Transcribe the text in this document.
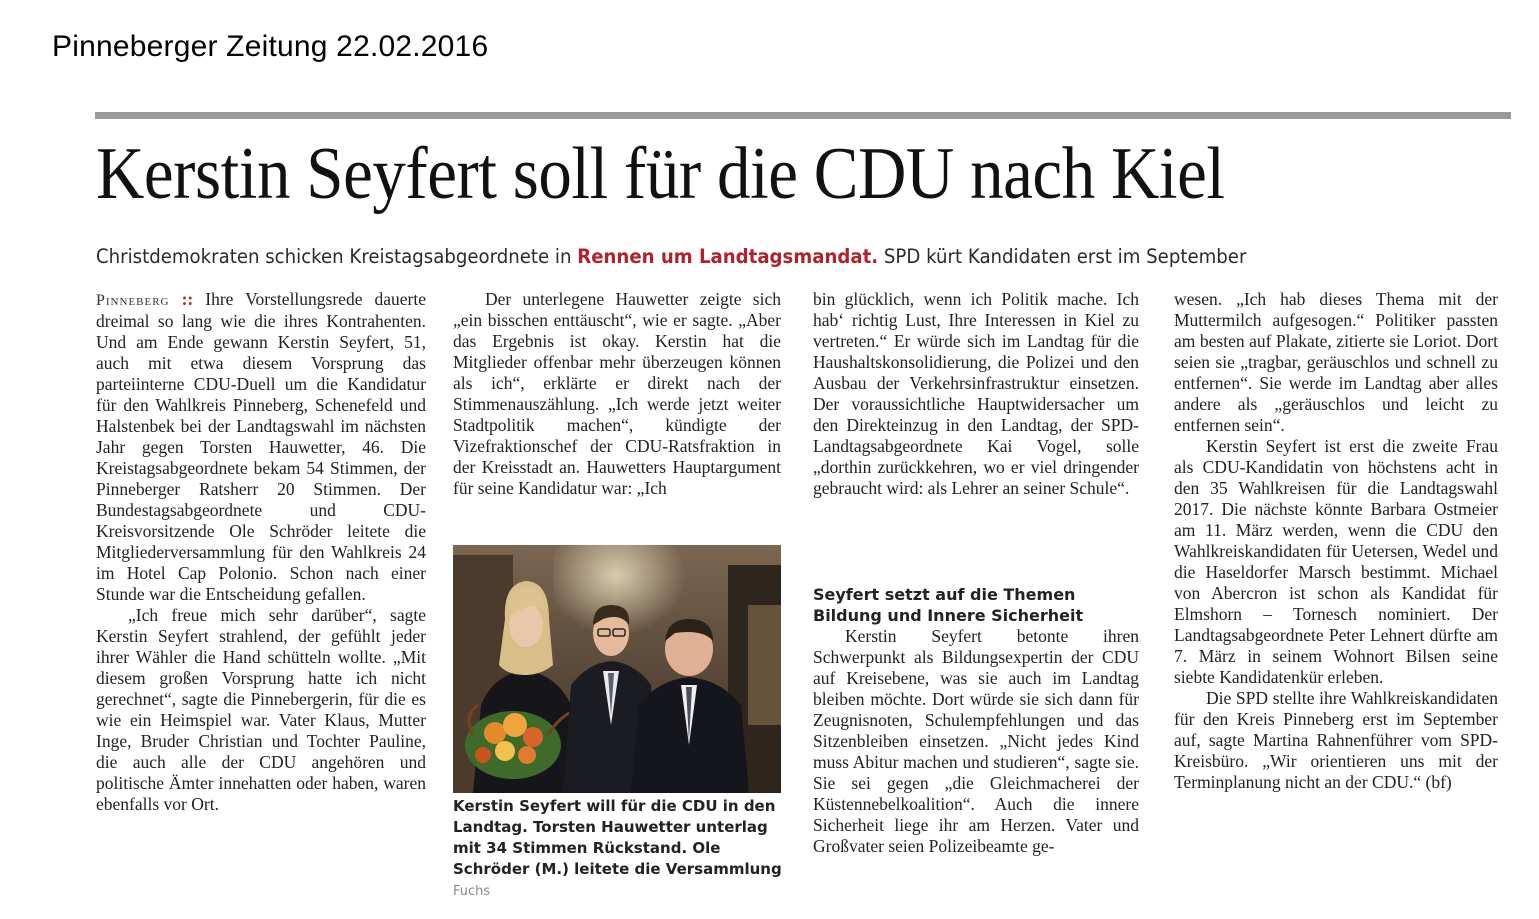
Pinneberger Zeitung 22.02.2016
Kerstin Seyfert soll für die CDU nach Kiel
Christdemokraten schicken Kreistagsabgeordnete in Rennen um Landtagsmandat. SPD kürt Kandidaten erst im September

Pinneberg :: Ihre Vorstellungsrede dauerte dreimal so lang wie die ihres Kontrahenten. Und am Ende gewann Kerstin Seyfert, 51, auch mit etwa diesem Vorsprung das parteiinterne CDU-Duell um die Kandidatur für den Wahlkreis Pinneberg, Schenefeld und Halstenbek bei der Landtagswahl im nächsten Jahr gegen Torsten Hauwetter, 46. Die Kreistagsabgeordnete bekam 54 Stimmen, der Pinneberger Ratsherr 20 Stimmen. Der Bundestagsabgeordnete und CDU-Kreisvorsitzende Ole Schröder leitete die Mitgliederversammlung für den Wahlkreis 24 im Hotel Cap Polonio. Schon nach einer Stunde war die Entscheidung gefallen.

„Ich freue mich sehr darüber“, sagte Kerstin Seyfert strahlend, der gefühlt jeder ihrer Wähler die Hand schütteln wollte. „Mit diesem großen Vorsprung hatte ich nicht gerechnet“, sagte die Pinnebergerin, für die es wie ein Heimspiel war. Vater Klaus, Mutter Inge, Bruder Christian und Tochter Pauline, die auch alle der CDU angehören und politische Ämter innehatten oder haben, waren ebenfalls vor Ort.

Der unterlegene Hauwetter zeigte sich „ein bisschen enttäuscht“, wie er sagte. „Aber das Ergebnis ist okay. Kerstin hat die Mitglieder offenbar mehr überzeugen können als ich“, erklärte er direkt nach der Stimmenauszählung. „Ich werde jetzt weiter Stadtpolitik machen“, kündigte der Vizefraktionschef der CDU-Ratsfraktion in der Kreisstadt an. Hauwetters Hauptargument für seine Kandidatur war: „Ich

Kerstin Seyfert will für die CDU in den Landtag. Torsten Hauwetter unterlag mit 34 Stimmen Rückstand. Ole Schröder (M.) leitete die Versammlung Fuchs

bin glücklich, wenn ich Politik mache. Ich hab‘ richtig Lust, Ihre Interessen in Kiel zu vertreten.“ Er würde sich im Landtag für die Haushaltskonsolidierung, die Polizei und den Ausbau der Verkehrsinfrastruktur einsetzen. Der voraussichtliche Hauptwidersacher um den Direkteinzug in den Landtag, der SPD-Landtagsabgeordnete Kai Vogel, solle „dorthin zurückkehren, wo er viel dringender gebraucht wird: als Lehrer an seiner Schule“.

Seyfert setzt auf die Themen Bildung und Innere Sicherheit

Kerstin Seyfert betonte ihren Schwerpunkt als Bildungsexpertin der CDU auf Kreisebene, was sie auch im Landtag bleiben möchte. Dort würde sie sich dann für Zeugnisnoten, Schulempfehlungen und das Sitzenbleiben einsetzen. „Nicht jedes Kind muss Abitur machen und studieren“, sagte sie. Sie sei gegen „die Gleichmacherei der Küstennebelkoalition“. Auch die innere Sicherheit liege ihr am Herzen. Vater und Großvater seien Polizeibeamte ge-

wesen. „Ich hab dieses Thema mit der Muttermilch aufgesogen.“ Politiker passten am besten auf Plakate, zitierte sie Loriot. Dort seien sie „tragbar, geräuschlos und schnell zu entfernen“. Sie werde im Landtag aber alles andere als „geräuschlos und leicht zu entfernen sein“.

Kerstin Seyfert ist erst die zweite Frau als CDU-Kandidatin von höchstens acht in den 35 Wahlkreisen für die Landtagswahl 2017. Die nächste könnte Barbara Ostmeier am 11. März werden, wenn die CDU den Wahlkreiskandidaten für Uetersen, Wedel und die Haseldorfer Marsch bestimmt. Michael von Abercron ist schon als Kandidat für Elmshorn – Tornesch nominiert. Der Landtagsabgeordnete Peter Lehnert dürfte am 7. März in seinem Wohnort Bilsen seine siebte Kandidatenkür erleben.

Die SPD stellte ihre Wahlkreiskandidaten für den Kreis Pinneberg erst im September auf, sagte Martina Rahnenführer vom SPD-Kreisbüro. „Wir orientieren uns mit der Terminplanung nicht an der CDU.“ (bf)
